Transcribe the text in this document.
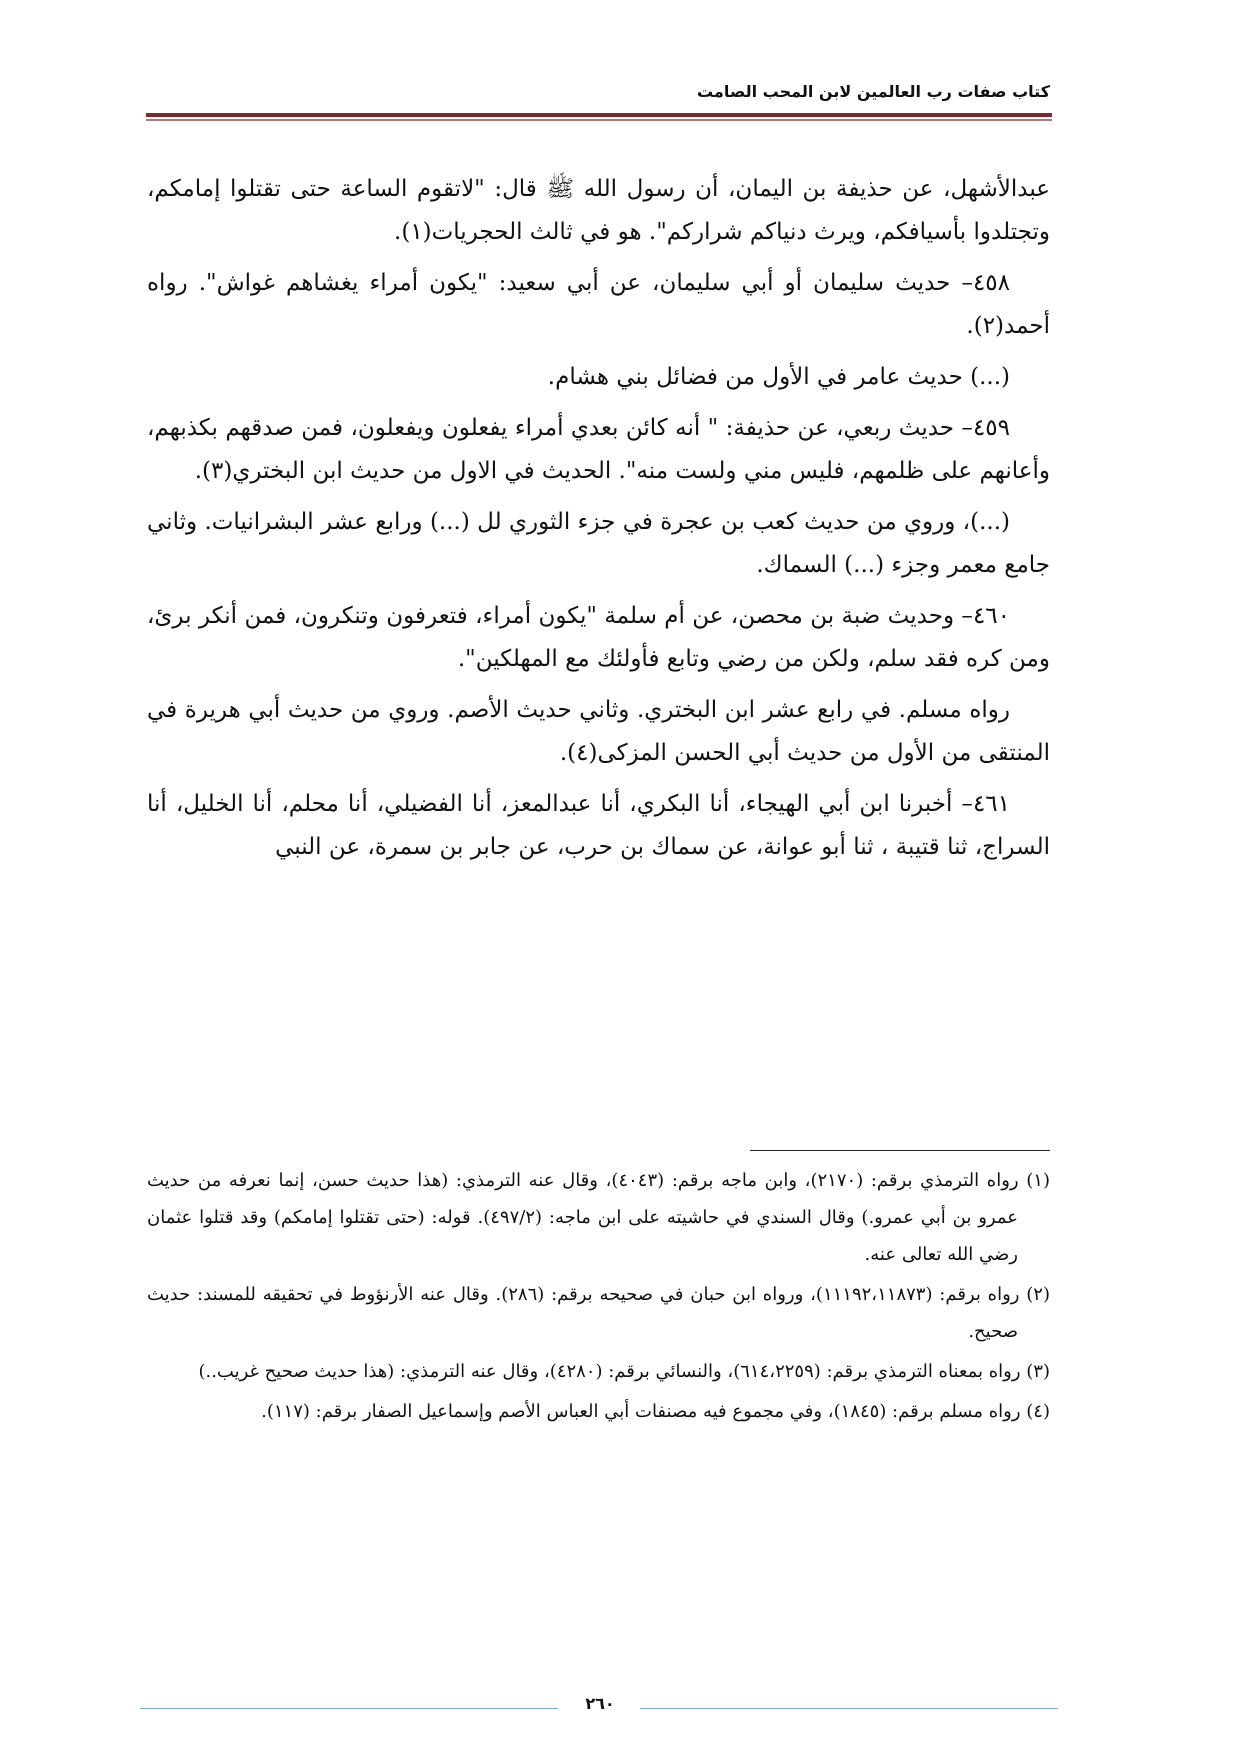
كتاب صفات رب العالمين لابن المحب الصامت

عبدالأشهل، عن حذيفة بن اليمان، أن رسول الله ﷺ قال: "لاتقوم الساعة حتى تقتلوا إمامكم، وتجتلدوا بأسيافكم، ويرث دنياكم شراركم". هو في ثالث الحجريات(١).

٤٥٨– حديث سليمان أو أبي سليمان، عن أبي سعيد: "يكون أمراء يغشاهم غواش". رواه أحمد(٢).

(...) حديث عامر في الأول من فضائل بني هشام.

٤٥٩– حديث ربعي، عن حذيفة: " أنه كائن بعدي أمراء يفعلون ويفعلون، فمن صدقهم بكذبهم، وأعانهم على ظلمهم، فليس مني ولست منه". الحديث في الاول من حديث ابن البختري(٣).

(...)، وروي من حديث كعب بن عجرة في جزء الثوري لل (...) ورابع عشر البشرانيات. وثاني جامع معمر وجزء (...) السماك.

٤٦٠– وحديث ضبة بن محصن، عن أم سلمة "يكون أمراء، فتعرفون وتنكرون، فمن أنكر برئ، ومن كره فقد سلم، ولكن من رضي وتابع فأولئك مع المهلكين".

رواه مسلم. في رابع عشر ابن البختري. وثاني حديث الأصم. وروي من حديث أبي هريرة في المنتقى من الأول من حديث أبي الحسن المزكى(٤).

٤٦١– أخبرنا ابن أبي الهيجاء، أنا البكري، أنا عبدالمعز، أنا الفضيلي، أنا محلم، أنا الخليل، أنا السراج، ثنا قتيبة ، ثنا أبو عوانة، عن سماك بن حرب، عن جابر بن سمرة، عن النبي

(١) رواه الترمذي برقم: (٢١٧٠)، وابن ماجه برقم: (٤٠٤٣)، وقال عنه الترمذي: (هذا حديث حسن، إنما نعرفه من حديث عمرو بن أبي عمرو.) وقال السندي في حاشيته على ابن ماجه: (٤٩٧/٢). قوله: (حتى تقتلوا إمامكم) وقد قتلوا عثمان رضي الله تعالى عنه.

(٢) رواه برقم: (١١١٩٢،١١٨٧٣)، ورواه ابن حبان في صحيحه برقم: (٢٨٦). وقال عنه الأرنؤوط في تحقيقه للمسند: حديث صحيح.

(٣) رواه بمعناه الترمذي برقم: (٦١٤،٢٢٥٩)، والنسائي برقم: (٤٢٨٠)، وقال عنه الترمذي: (هذا حديث صحيح غريب..)

(٤) رواه مسلم برقم: (١٨٤٥)، وفي مجموع فيه مصنفات أبي العباس الأصم وإسماعيل الصفار برقم: (١١٧).

٢٦٠
